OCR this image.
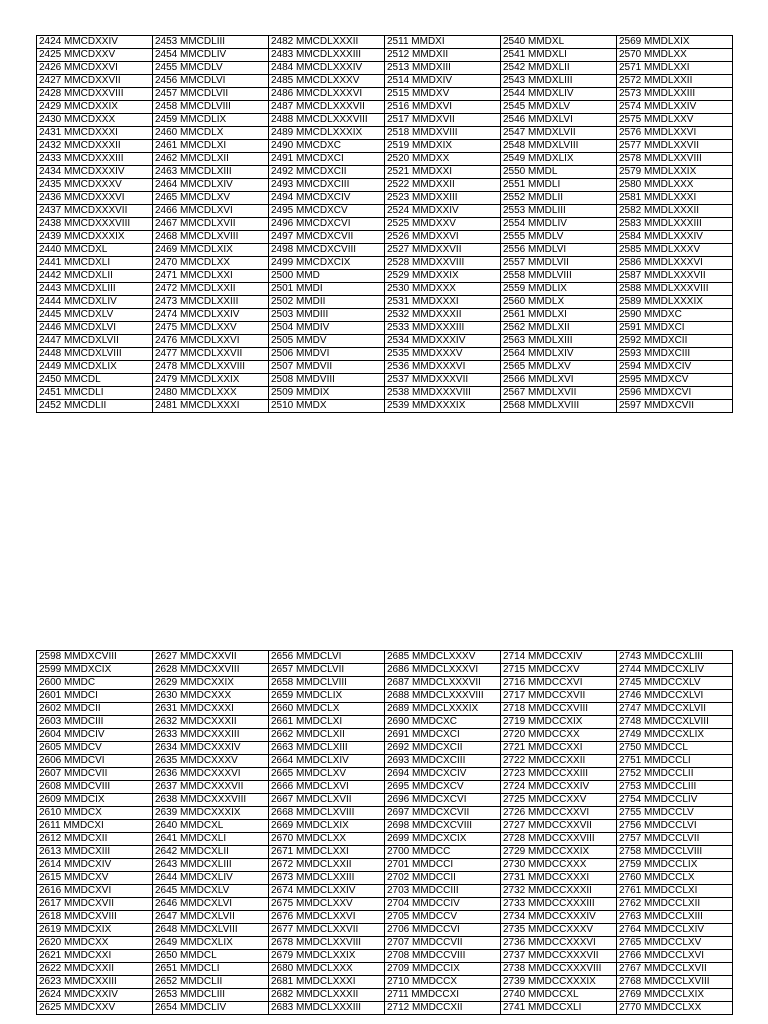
2424 MMCDXXIV	2453 MMCDLIII	2482 MMCDLXXXII	2511 MMDXI	2540 MMDXL	2569 MMDLXIX
2425 MMCDXXV	2454 MMCDLIV	2483 MMCDLXXXIII	2512 MMDXII	2541 MMDXLI	2570 MMDLXX
2426 MMCDXXVI	2455 MMCDLV	2484 MMCDLXXXIV	2513 MMDXIII	2542 MMDXLII	2571 MMDLXXI
2427 MMCDXXVII	2456 MMCDLVI	2485 MMCDLXXXV	2514 MMDXIV	2543 MMDXLIII	2572 MMDLXXII
2428 MMCDXXVIII	2457 MMCDLVII	2486 MMCDLXXXVI	2515 MMDXV	2544 MMDXLIV	2573 MMDLXXIII
2429 MMCDXXIX	2458 MMCDLVIII	2487 MMCDLXXXVII	2516 MMDXVI	2545 MMDXLV	2574 MMDLXXIV
2430 MMCDXXX	2459 MMCDLIX	2488 MMCDLXXXVIII	2517 MMDXVII	2546 MMDXLVI	2575 MMDLXXV
2431 MMCDXXXI	2460 MMCDLX	2489 MMCDLXXXIX	2518 MMDXVIII	2547 MMDXLVII	2576 MMDLXXVI
2432 MMCDXXXII	2461 MMCDLXI	2490 MMCDXC	2519 MMDXIX	2548 MMDXLVIII	2577 MMDLXXVII
2433 MMCDXXXIII	2462 MMCDLXII	2491 MMCDXCI	2520 MMDXX	2549 MMDXLIX	2578 MMDLXXVIII
2434 MMCDXXXIV	2463 MMCDLXIII	2492 MMCDXCII	2521 MMDXXI	2550 MMDL	2579 MMDLXXIX
2435 MMCDXXXV	2464 MMCDLXIV	2493 MMCDXCIII	2522 MMDXXII	2551 MMDLI	2580 MMDLXXX
2436 MMCDXXXVI	2465 MMCDLXV	2494 MMCDXCIV	2523 MMDXXIII	2552 MMDLII	2581 MMDLXXXI
2437 MMCDXXXVII	2466 MMCDLXVI	2495 MMCDXCV	2524 MMDXXIV	2553 MMDLIII	2582 MMDLXXXII
2438 MMCDXXXVIII	2467 MMCDLXVII	2496 MMCDXCVI	2525 MMDXXV	2554 MMDLIV	2583 MMDLXXXIII
2439 MMCDXXXIX	2468 MMCDLXVIII	2497 MMCDXCVII	2526 MMDXXVI	2555 MMDLV	2584 MMDLXXXIV
2440 MMCDXL	2469 MMCDLXIX	2498 MMCDXCVIII	2527 MMDXXVII	2556 MMDLVI	2585 MMDLXXXV
2441 MMCDXLI	2470 MMCDLXX	2499 MMCDXCIX	2528 MMDXXVIII	2557 MMDLVII	2586 MMDLXXXVI
2442 MMCDXLII	2471 MMCDLXXI	2500 MMD	2529 MMDXXIX	2558 MMDLVIII	2587 MMDLXXXVII
2443 MMCDXLIII	2472 MMCDLXXII	2501 MMDI	2530 MMDXXX	2559 MMDLIX	2588 MMDLXXXVIII
2444 MMCDXLIV	2473 MMCDLXXIII	2502 MMDII	2531 MMDXXXI	2560 MMDLX	2589 MMDLXXXIX
2445 MMCDXLV	2474 MMCDLXXIV	2503 MMDIII	2532 MMDXXXII	2561 MMDLXI	2590 MMDXC
2446 MMCDXLVI	2475 MMCDLXXV	2504 MMDIV	2533 MMDXXXIII	2562 MMDLXII	2591 MMDXCI
2447 MMCDXLVII	2476 MMCDLXXVI	2505 MMDV	2534 MMDXXXIV	2563 MMDLXIII	2592 MMDXCII
2448 MMCDXLVIII	2477 MMCDLXXVII	2506 MMDVI	2535 MMDXXXV	2564 MMDLXIV	2593 MMDXCIII
2449 MMCDXLIX	2478 MMCDLXXVIII	2507 MMDVII	2536 MMDXXXVI	2565 MMDLXV	2594 MMDXCIV
2450 MMCDL	2479 MMCDLXXIX	2508 MMDVIII	2537 MMDXXXVII	2566 MMDLXVI	2595 MMDXCV
2451 MMCDLI	2480 MMCDLXXX	2509 MMDIX	2538 MMDXXXVIII	2567 MMDLXVII	2596 MMDXCVI
2452 MMCDLII	2481 MMCDLXXXI	2510 MMDX	2539 MMDXXXIX	2568 MMDLXVIII	2597 MMDXCVII
2598 MMDXCVIII	2627 MMDCXXVII	2656 MMDCLVI	2685 MMDCLXXXV	2714 MMDCCXIV	2743 MMDCCXLIII
2599 MMDXCIX	2628 MMDCXXVIII	2657 MMDCLVII	2686 MMDCLXXXVI	2715 MMDCCXV	2744 MMDCCXLIV
2600 MMDC	2629 MMDCXXIX	2658 MMDCLVIII	2687 MMDCLXXXVII	2716 MMDCCXVI	2745 MMDCCXLV
2601 MMDCI	2630 MMDCXXX	2659 MMDCLIX	2688 MMDCLXXXVIII	2717 MMDCCXVII	2746 MMDCCXLVI
2602 MMDCII	2631 MMDCXXXI	2660 MMDCLX	2689 MMDCLXXXIX	2718 MMDCCXVIII	2747 MMDCCXLVII
2603 MMDCIII	2632 MMDCXXXII	2661 MMDCLXI	2690 MMDCXC	2719 MMDCCXIX	2748 MMDCCXLVIII
2604 MMDCIV	2633 MMDCXXXIII	2662 MMDCLXII	2691 MMDCXCI	2720 MMDCCXX	2749 MMDCCXLIX
2605 MMDCV	2634 MMDCXXXIV	2663 MMDCLXIII	2692 MMDCXCII	2721 MMDCCXXI	2750 MMDCCL
2606 MMDCVI	2635 MMDCXXXV	2664 MMDCLXIV	2693 MMDCXCIII	2722 MMDCCXXII	2751 MMDCCLI
2607 MMDCVII	2636 MMDCXXXVI	2665 MMDCLXV	2694 MMDCXCIV	2723 MMDCCXXIII	2752 MMDCCLII
2608 MMDCVIII	2637 MMDCXXXVII	2666 MMDCLXVI	2695 MMDCXCV	2724 MMDCCXXIV	2753 MMDCCLIII
2609 MMDCIX	2638 MMDCXXXVIII	2667 MMDCLXVII	2696 MMDCXCVI	2725 MMDCCXXV	2754 MMDCCLIV
2610 MMDCX	2639 MMDCXXXIX	2668 MMDCLXVIII	2697 MMDCXCVII	2726 MMDCCXXVI	2755 MMDCCLV
2611 MMDCXI	2640 MMDCXL	2669 MMDCLXIX	2698 MMDCXCVIII	2727 MMDCCXXVII	2756 MMDCCLVI
2612 MMDCXII	2641 MMDCXLI	2670 MMDCLXX	2699 MMDCXCIX	2728 MMDCCXXVIII	2757 MMDCCLVII
2613 MMDCXIII	2642 MMDCXLII	2671 MMDCLXXI	2700 MMDCC	2729 MMDCCXXIX	2758 MMDCCLVIII
2614 MMDCXIV	2643 MMDCXLIII	2672 MMDCLXXII	2701 MMDCCI	2730 MMDCCXXX	2759 MMDCCLIX
2615 MMDCXV	2644 MMDCXLIV	2673 MMDCLXXIII	2702 MMDCCII	2731 MMDCCXXXI	2760 MMDCCLX
2616 MMDCXVI	2645 MMDCXLV	2674 MMDCLXXIV	2703 MMDCCIII	2732 MMDCCXXXII	2761 MMDCCLXI
2617 MMDCXVII	2646 MMDCXLVI	2675 MMDCLXXV	2704 MMDCCIV	2733 MMDCCXXXIII	2762 MMDCCLXII
2618 MMDCXVIII	2647 MMDCXLVII	2676 MMDCLXXVI	2705 MMDCCV	2734 MMDCCXXXIV	2763 MMDCCLXIII
2619 MMDCXIX	2648 MMDCXLVIII	2677 MMDCLXXVII	2706 MMDCCVI	2735 MMDCCXXXV	2764 MMDCCLXIV
2620 MMDCXX	2649 MMDCXLIX	2678 MMDCLXXVIII	2707 MMDCCVII	2736 MMDCCXXXVI	2765 MMDCCLXV
2621 MMDCXXI	2650 MMDCL	2679 MMDCLXXIX	2708 MMDCCVIII	2737 MMDCCXXXVII	2766 MMDCCLXVI
2622 MMDCXXII	2651 MMDCLI	2680 MMDCLXXX	2709 MMDCCIX	2738 MMDCCXXXVIII	2767 MMDCCLXVII
2623 MMDCXXIII	2652 MMDCLII	2681 MMDCLXXXI	2710 MMDCCX	2739 MMDCCXXXIX	2768 MMDCCLXVIII
2624 MMDCXXIV	2653 MMDCLIII	2682 MMDCLXXXII	2711 MMDCCXI	2740 MMDCCXL	2769 MMDCCLXIX
2625 MMDCXXV	2654 MMDCLIV	2683 MMDCLXXXIII	2712 MMDCCXII	2741 MMDCCXLI	2770 MMDCCLXX
